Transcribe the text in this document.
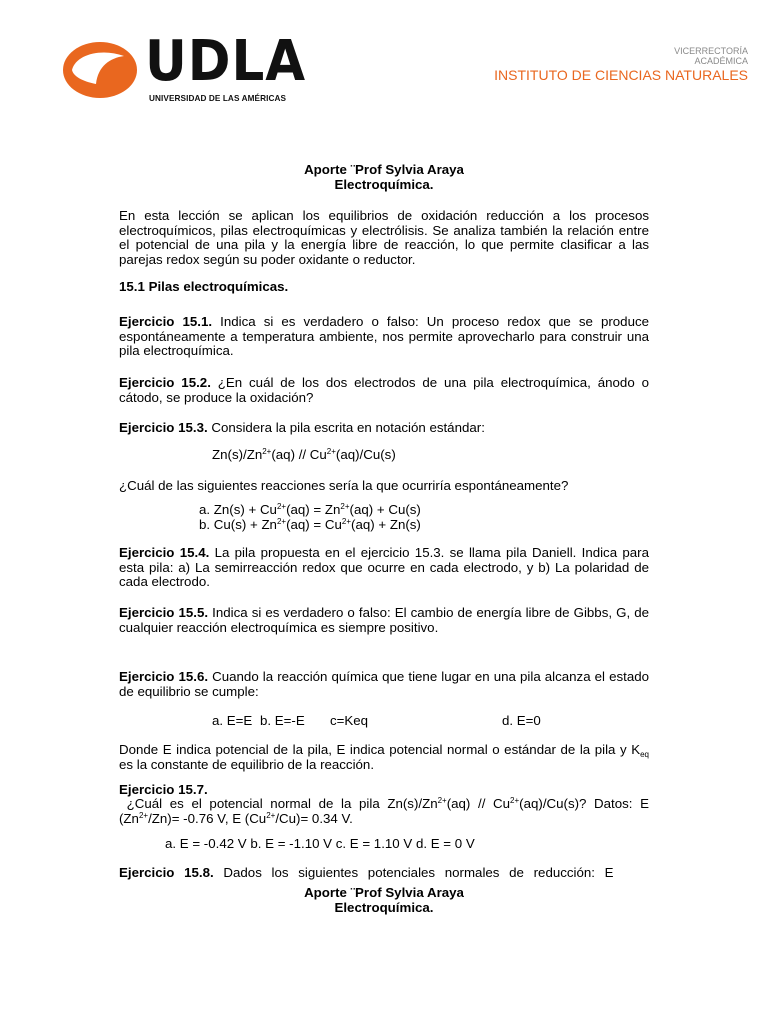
UDLA
UNIVERSIDAD DE LAS AMÉRICAS
VICERRECTORÍA
ACADÉMICA
INSTITUTO DE CIENCIAS NATURALES
Aporte ¨Prof Sylvia Araya
Electroquímica.
En esta lección se aplican los equilibrios de oxidación reducción a los procesos electroquímicos, pilas electroquímicas y electrólisis. Se analiza también la relación entre el potencial de una pila y la energía libre de reacción, lo que permite clasificar a las parejas redox según su poder oxidante o reductor.
15.1 Pilas electroquímicas.
Ejercicio 15.1. Indica si es verdadero o falso: Un proceso redox que se produce espontáneamente a temperatura ambiente, nos permite aprovecharlo para construir una pila electroquímica.
Ejercicio 15.2. ¿En cuál de los dos electrodos de una pila electroquímica, ánodo o cátodo, se produce la oxidación?
Ejercicio 15.3. Considera la pila escrita en notación estándar:
$Zn(s)/Zn^{2+}(aq) // Cu^{2+}(aq)/Cu(s)$
¿Cuál de las siguientes reacciones sería la que ocurriría espontáneamente?
a. $Zn(s) + Cu^{2+}(aq) = Zn^{2+}(aq) + Cu(s)$
b. $Cu(s) + Zn^{2+}(aq) = Cu^{2+}(aq) + Zn(s)$
Ejercicio 15.4. La pila propuesta en el ejercicio 15.3. se llama pila Daniell. Indica para esta pila: a) La semirreacción redox que ocurre en cada electrodo, y b) La polaridad de cada electrodo.
Ejercicio 15.5. Indica si es verdadero o falso: El cambio de energía libre de Gibbs, G, de cualquier reacción electroquímica es siempre positivo.
Ejercicio 15.6. Cuando la reacción química que tiene lugar en una pila alcanza el estado de equilibrio se cumple:
a. E=E b. E=-E c=Keq	d. E=0
Donde E indica potencial de la pila, E indica potencial normal o estándar de la pila y $K_{eq}$ es la constante de equilibrio de la reacción.
Ejercicio 15.7.
¿Cuál es el potencial normal de la pila $Zn(s)/Zn^{2+}(aq) // Cu^{2+}(aq)/Cu(s)$? Datos: E $(Zn^{2+}/Zn)= -0.76$ V, E $(Cu^{2+}/Cu)= 0.34$ V.
a. E = -0.42 V b. E = -1.10 V c. E = 1.10 V d. E = 0 V
Ejercicio 15.8. Dados los siguientes potenciales normales de reducción: E
Aporte ¨Prof Sylvia Araya
Electroquímica.
